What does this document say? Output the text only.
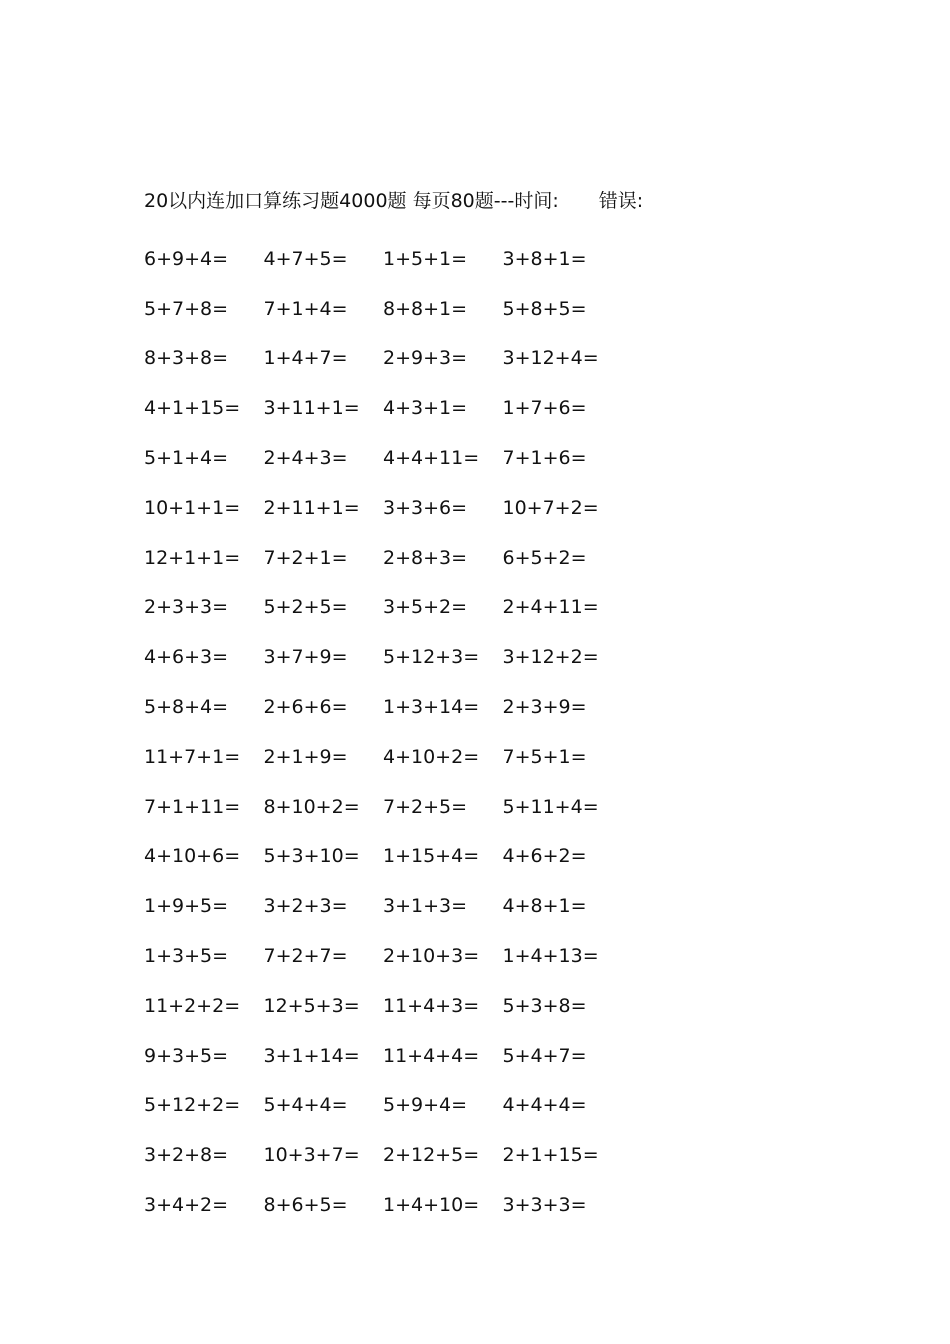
20以内连加口算练习题4000题 每页80题---时间: 错误:
6+9+4=	4+7+5=	1+5+1=	3+8+1=
5+7+8=	7+1+4=	8+8+1=	5+8+5=
8+3+8=	1+4+7=	2+9+3=	3+12+4=
4+1+15=	3+11+1=	4+3+1=	1+7+6=
5+1+4=	2+4+3=	4+4+11=	7+1+6=
10+1+1=	2+11+1=	3+3+6=	10+7+2=
12+1+1=	7+2+1=	2+8+3=	6+5+2=
2+3+3=	5+2+5=	3+5+2=	2+4+11=
4+6+3=	3+7+9=	5+12+3=	3+12+2=
5+8+4=	2+6+6=	1+3+14=	2+3+9=
11+7+1=	2+1+9=	4+10+2=	7+5+1=
7+1+11=	8+10+2=	7+2+5=	5+11+4=
4+10+6=	5+3+10=	1+15+4=	4+6+2=
1+9+5=	3+2+3=	3+1+3=	4+8+1=
1+3+5=	7+2+7=	2+10+3=	1+4+13=
11+2+2=	12+5+3=	11+4+3=	5+3+8=
9+3+5=	3+1+14=	11+4+4=	5+4+7=
5+12+2=	5+4+4=	5+9+4=	4+4+4=
3+2+8=	10+3+7=	2+12+5=	2+1+15=
3+4+2=	8+6+5=	1+4+10=	3+3+3=
